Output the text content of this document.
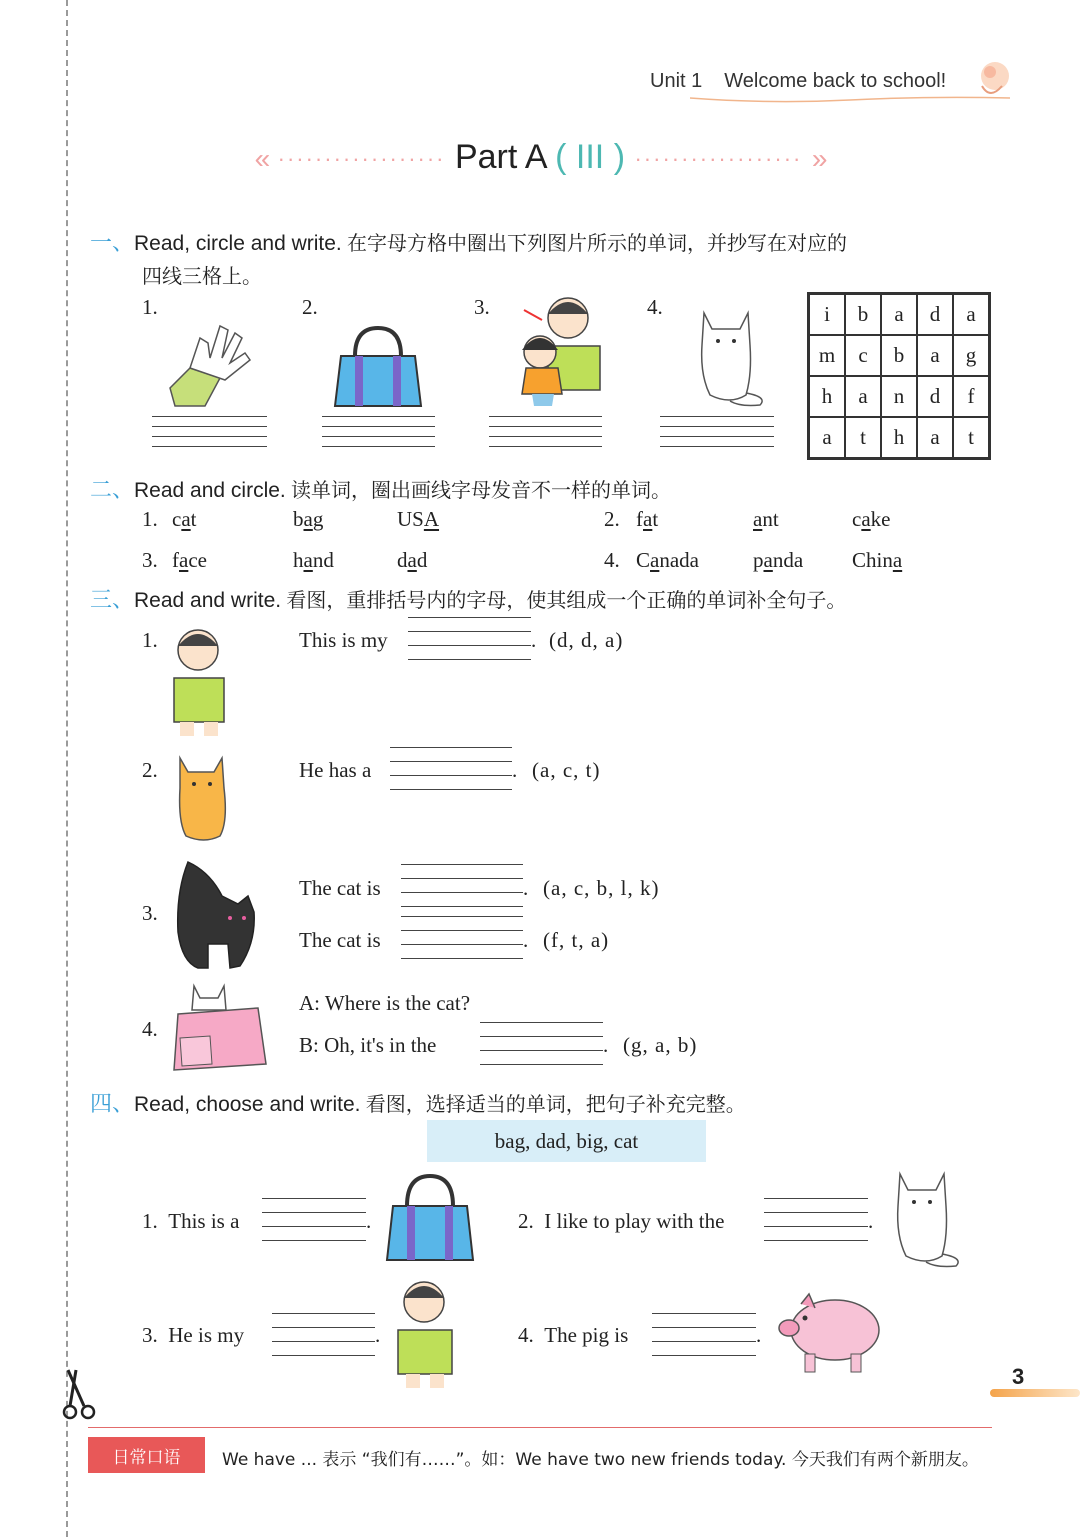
Unit 1 Welcome back to school!
« ·················· Part A ( III ) ·················· »
一、Read, circle and write. 在字母方格中圈出下列图片所示的单词，并抄写在对应的
四线三格上。
1.	2.	3.	4.	i	b	a	d	a
m	c	b	a	g
h	a	n	d	f
a	t	h	a	t
二、Read and circle. 读单词，圈出画线字母发音不一样的单词。
1. cat	bag	USA	2. fat	ant	cake
3. face	hand	dad	4. Canada	panda China
三、Read and write. 看图，重排括号内的字母，使其组成一个正确的单词补全句子。
1.	This is my	. (d, d, a)
2.	He has a	. (a, c, t)
3.
The cat is	. (a, c, b, l, k)
The cat is	. (f, t, a)
4.
A: Where is the cat?
B: Oh, it's in the	. (g, a, b)
四、Read, choose and write. 看图，选择适当的单词，把句子补充完整。
bag, dad, big, cat
1. This is a	.	2. I like to play with the	.
3. He is my	.	4. The pig is	.
3
日常口语	We have ... 表示 “我们有……”。如：We have two new friends today. 今天我们有两个新朋友。
